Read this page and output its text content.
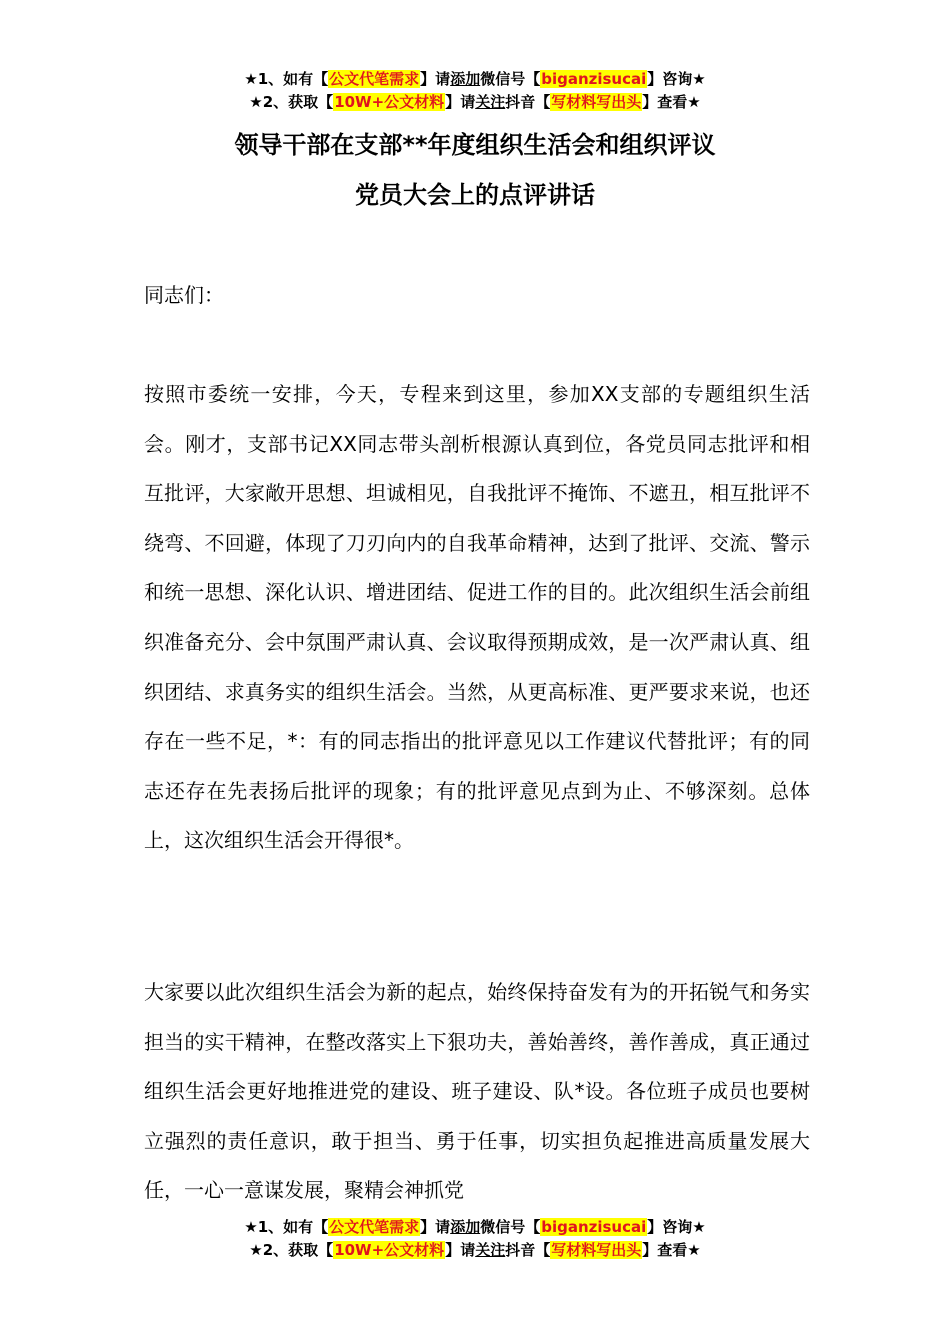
★1、如有【公文代笔需求】请添加微信号【biganzisucai】咨询★
★2、获取【10W+公文材料】请关注抖音【写材料写出头】查看★
领导干部在支部**年度组织生活会和组织评议
党员大会上的点评讲话
同志们：
按照市委统一安排，今天，专程来到这里，参加XX支部的专题组织生活会。刚才，支部书记XX同志带头剖析根源认真到位，各党员同志批评和相互批评，大家敞开思想、坦诚相见，自我批评不掩饰、不遮丑，相互批评不绕弯、不回避，体现了刀刃向内的自我革命精神，达到了批评、交流、警示和统一思想、深化认识、增进团结、促进工作的目的。此次组织生活会前组织准备充分、会中氛围严肃认真、会议取得预期成效，是一次严肃认真、组织团结、求真务实的组织生活会。当然，从更高标准、更严要求来说，也还存在一些不足，*：有的同志指出的批评意见以工作建议代替批评；有的同志还存在先表扬后批评的现象；有的批评意见点到为止、不够深刻。总体上，这次组织生活会开得很*。
大家要以此次组织生活会为新的起点，始终保持奋发有为的开拓锐气和务实担当的实干精神，在整改落实上下狠功夫，善始善终，善作善成，真正通过组织生活会更好地推进党的建设、班子建设、队*设。各位班子成员也要树立强烈的责任意识，敢于担当、勇于任事，切实担负起推进高质量发展大任，一心一意谋发展，聚精会神抓党
★1、如有【公文代笔需求】请添加微信号【biganzisucai】咨询★
★2、获取【10W+公文材料】请关注抖音【写材料写出头】查看★
